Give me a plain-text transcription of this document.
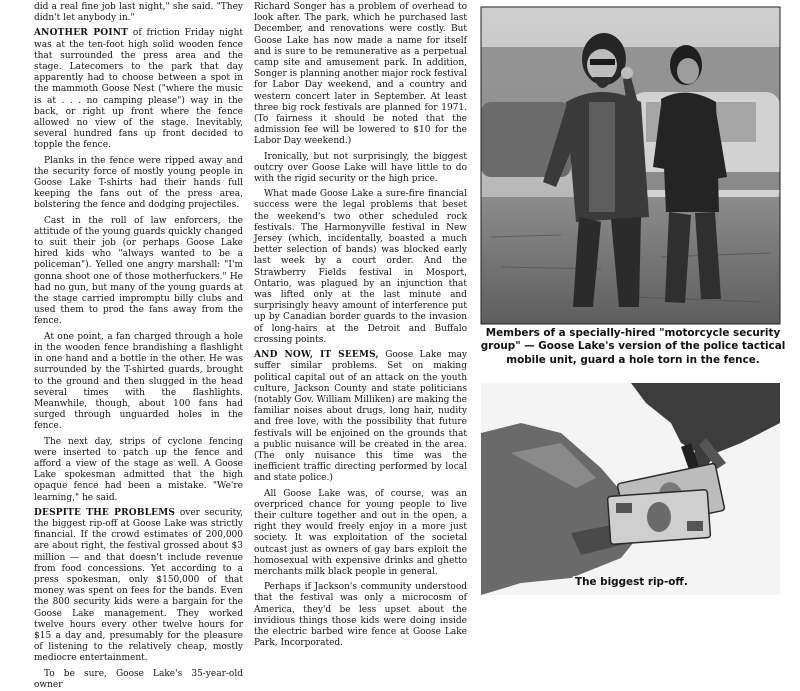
did a real fine job last night," she said. "They didn't let anybody in."

ANOTHER POINT of friction Friday night was at the ten-foot high solid wooden fence that surrounded the press area and the stage. Latecomers to the park that day apparently had to choose between a spot in the mammoth Goose Nest ("where the music is at . . . no camping please") way in the back, or right up front where the fence allowed no view of the stage. Inevitably, several hundred fans up front decided to topple the fence.

Planks in the fence were ripped away and the security force of mostly young people in Goose Lake T-shirts had their hands full keeping the fans out of the press area, bolstering the fence and dodging projectiles.

Cast in the roll of law enforcers, the attitude of the young guards quickly changed to suit their job (or perhaps Goose Lake hired kids who "always wanted to be a policeman"). Yelled one angry marshall: "I'm gonna shoot one of those motherfuckers." He had no gun, but many of the young guards at the stage carried impromptu billy clubs and used them to prod the fans away from the fence.

At one point, a fan charged through a hole in the wooden fence brandishing a flashlight in one hand and a bottle in the other. He was surrounded by the T-shirted guards, brought to the ground and then slugged in the head several times with the flashlights. Meanwhile, though, about 100 fans had surged through unguarded holes in the fence.

The next day, strips of cyclone fencing were inserted to patch up the fence and afford a view of the stage as well. A Goose Lake spokesman admitted that the high opaque fence had been a mistake. "We're learning," he said.

DESPITE THE PROBLEMS over security, the biggest rip-off at Goose Lake was strictly financial. If the crowd estimates of 200,000 are about right, the festival grossed about $3 million — and that doesn't include revenue from food concessions. Yet according to a press spokesman, only $150,000 of that money was spent on fees for the bands. Even the 800 security kids were a bargain for the Goose Lake management. They worked twelve hours every other twelve hours for $15 a day and, presumably for the pleasure of listening to the relatively cheap, mostly mediocre entertainment.

To be sure, Goose Lake's 35-year-old owner

Richard Songer has a problem of overhead to look after. The park, which he purchased last December, and renovations were costly. But Goose Lake has now made a name for itself and is sure to be remunerative as a perpetual camp site and amusement park. In addition, Songer is planning another major rock festival for Labor Day weekend, and a country and western concert later in September. At least three big rock festivals are planned for 1971. (To fairness it should be noted that the admission fee will be lowered to $10 for the Labor Day weekend.)

Ironically, but not surprisingly, the biggest outcry over Goose Lake will have little to do with the rigid security or the high price.

What made Goose Lake a sure-fire financial success were the legal problems that beset the weekend's two other scheduled rock festivals. The Harmonyville festival in New Jersey (which, incidentally, boasted a much better selection of bands) was blocked early last week by a court order. And the Strawberry Fields festival in Mosport, Ontario, was plagued by an injunction that was lifted only at the last minute and surprisingly heavy amount of interference put up by Canadian border guards to the invasion of long-hairs at the Detroit and Buffalo crossing points.

AND NOW, IT SEEMS, Goose Lake may suffer similar problems. Set on making political capital out of an attack on the youth culture, Jackson County and state politicians (notably Gov. William Milliken) are making the familiar noises about drugs, long hair, nudity and free love, with the possibility that future festivals will be enjoined on the grounds that a public nuisance will be created in the area. (The only nuisance this time was the inefficient traffic directing performed by local and state police.)

All Goose Lake was, of course, was an overpriced chance for young people to live their culture together and out in the open, a right they would freely enjoy in a more just society. It was exploitation of the societal outcast just as owners of gay bars exploit the homosexual with expensive drinks and ghetto merchants milk black people in general.

Perhaps if Jackson's community understood that the festival was only a microcosm of America, they'd be less upset about the invidious things those kids were doing inside the electric barbed wire fence at Goose Lake Park, Incorporated.

Members of a specially-hired "motorcycle security group" — Goose Lake's version of the police tactical mobile unit, guard a hole torn in the fence.
The biggest rip-off.
